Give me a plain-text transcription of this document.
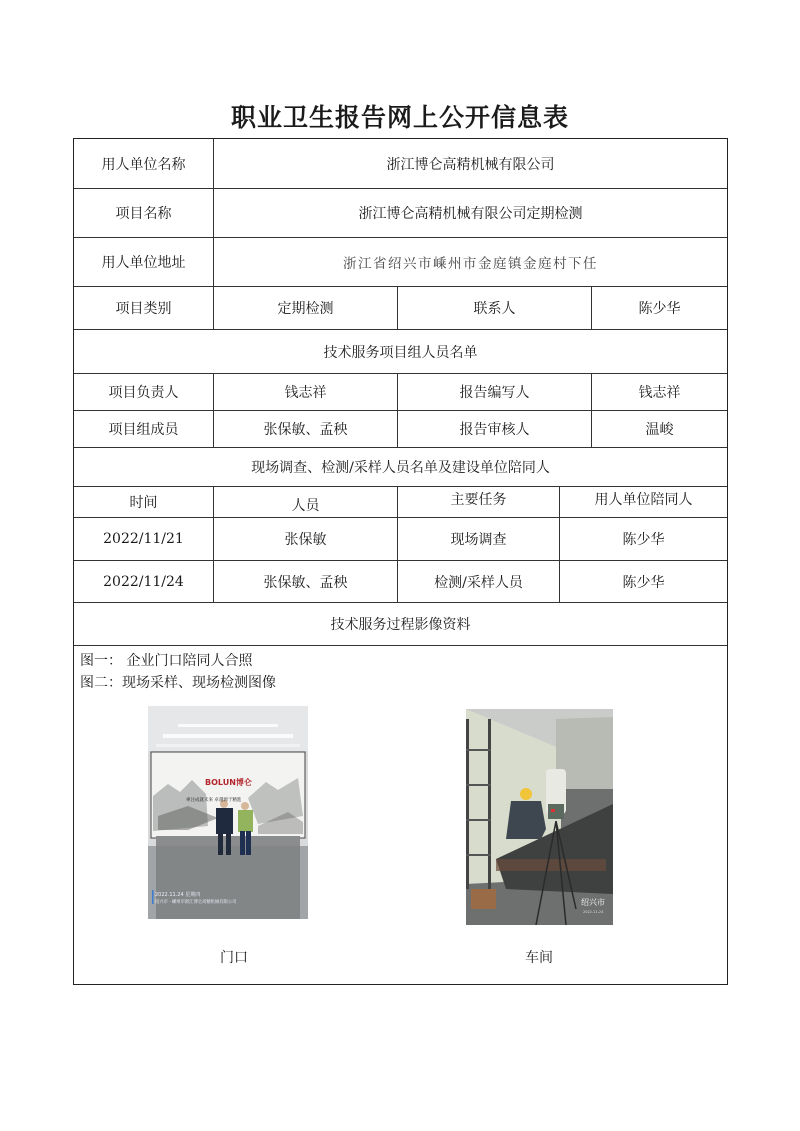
职业卫生报告网上公开信息表
用人单位名称	浙江博仑高精机械有限公司
项目名称	浙江博仑高精机械有限公司定期检测
用人单位地址	浙江省绍兴市嵊州市金庭镇金庭村下任
项目类别	定期检测	联系人	陈少华
技术服务项目组人员名单
项目负责人	钱志祥	报告编写人	钱志祥
项目组成员	张保敏、孟秧	报告审核人	温峻
现场调查、检测/采样人员名单及建设单位陪同人
时间	人员	主要任务	用人单位陪同人
2022/11/21	张保敏	现场调查	陈少华
2022/11/24	张保敏、孟秧	检测/采样人员	陈少华
技术服务过程影像资料
图一： 企业门口陪同人合照
图二：现场采样、现场检测图像
BOLUN博仑
專注成就未來 卓越源于精進
2022.11.24 星期四
绍兴市 · 嵊州市浙江博仑高精机械有限公司
门口
绍兴市
2022-11-24
车间
